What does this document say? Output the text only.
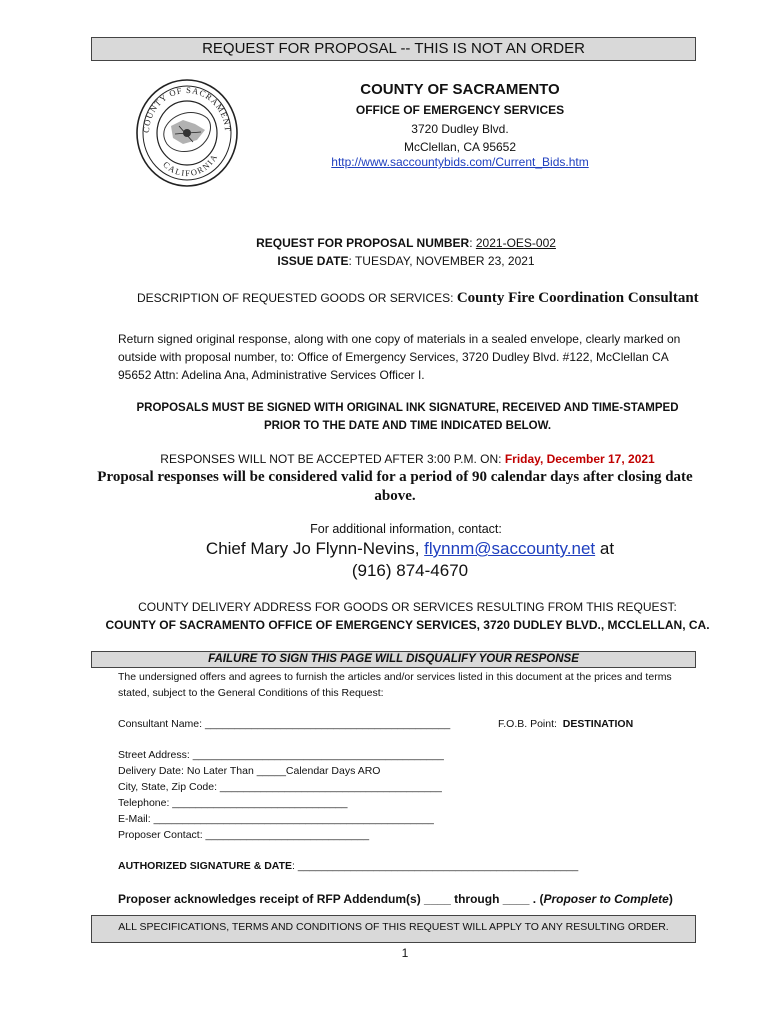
REQUEST FOR PROPOSAL -- THIS IS NOT AN ORDER
COUNTY OF SACRAMENT
CALIFORNIA
COUNTY OF SACRAMENTO
OFFICE OF EMERGENCY SERVICES
3720 Dudley Blvd.
McClellan, CA 95652
http://www.saccountybids.com/Current_Bids.htm
REQUEST FOR PROPOSAL NUMBER: 2021-OES-002
ISSUE DATE: TUESDAY, NOVEMBER 23, 2021
DESCRIPTION OF REQUESTED GOODS OR SERVICES: County Fire Coordination Consultant
Return signed original response, along with one copy of materials in a sealed envelope, clearly marked on outside with proposal number, to: Office of Emergency Services, 3720 Dudley Blvd. #122, McClellan CA 95652 Attn: Adelina Ana, Administrative Services Officer I.
PROPOSALS MUST BE SIGNED WITH ORIGINAL INK SIGNATURE, RECEIVED AND TIME-STAMPED
PRIOR TO THE DATE AND TIME INDICATED BELOW.
RESPONSES WILL NOT BE ACCEPTED AFTER 3:00 P.M. ON: Friday, December 17, 2021
Proposal responses will be considered valid for a period of 90 calendar days after closing date
above.
For additional information, contact:
Chief Mary Jo Flynn-Nevins, flynnm@saccounty.net at
(916) 874-4670
COUNTY DELIVERY ADDRESS FOR GOODS OR SERVICES RESULTING FROM THIS REQUEST:
COUNTY OF SACRAMENTO OFFICE OF EMERGENCY SERVICES, 3720 DUDLEY BLVD., MCCLELLAN, CA.
FAILURE TO SIGN THIS PAGE WILL DISQUALIFY YOUR RESPONSE
The undersigned offers and agrees to furnish the articles and/or services listed in this document at the prices and terms stated, subject to the General Conditions of this Request:
Consultant Name: __________________________________________	F.O.B. Point: DESTINATION
Street Address: ___________________________________________
Delivery Date: No Later Than _____Calendar Days ARO
City, State, Zip Code: ______________________________________
Telephone: ______________________________
E-Mail: ________________________________________________
Proposer Contact: ____________________________
AUTHORIZED SIGNATURE & DATE: ________________________________________________
Proposer acknowledges receipt of RFP Addendum(s) ____ through ____ . (Proposer to Complete)
ALL SPECIFICATIONS, TERMS AND CONDITIONS OF THIS REQUEST WILL APPLY TO ANY RESULTING ORDER.
1
